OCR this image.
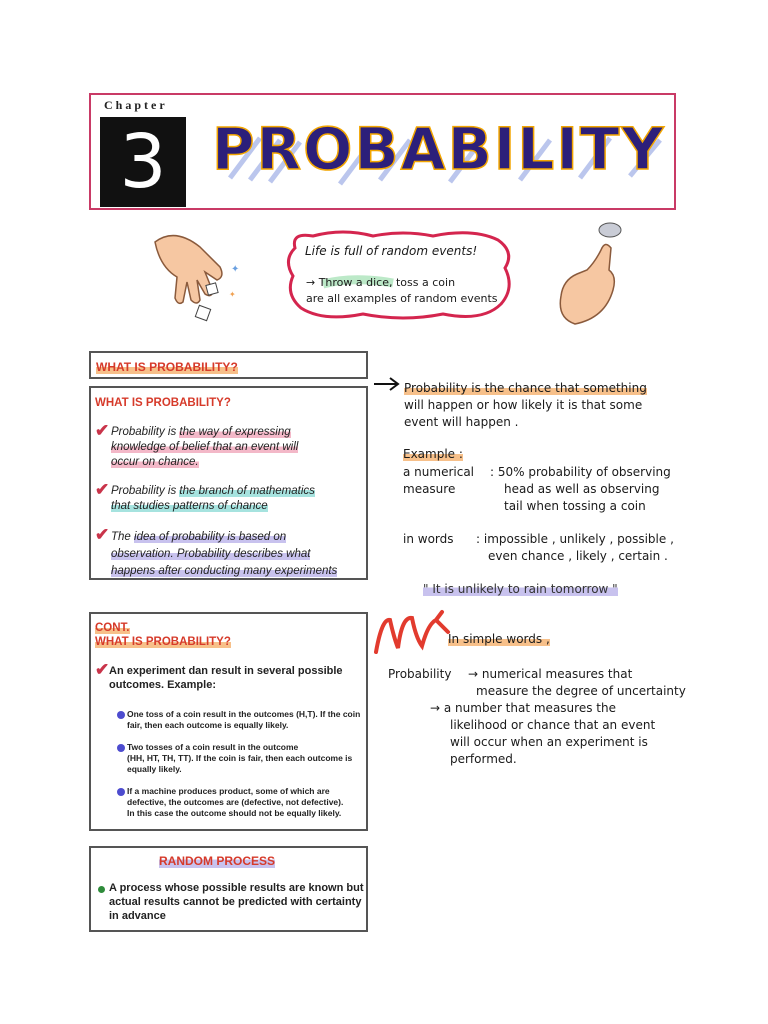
Chapter
3 PROBABILITY
✦
✦
Life is full of random events!
→ Throw a dice, toss a coin
are all examples of random events
WHAT IS PROBABILITY?
WHAT IS PROBABILITY?
✔ Probability is the way of expressing
knowledge of belief that an event will
occur on chance.
✔ Probability is the branch of mathematics
that studies patterns of chance
✔ The idea of probability is based on
observation. Probability describes what
happens after conducting many experiments
CONT.
WHAT IS PROBABILITY?
✔ An experiment dan result in several possible
outcomes. Example:
One toss of a coin result in the outcomes (H,T). If the coin
fair, then each outcome is equally likely.
Two tosses of a coin result in the outcome
(HH, HT, TH, TT). If the coin is fair, then each outcome is
equally likely.
If a machine produces product, some of which are
defective, the outcomes are (defective, not defective).
In this case the outcome should not be equally likely.
RANDOM PROCESS
A process whose possible results are known but
actual results cannot be predicted with certainty
in advance
Probability is the chance that something
will happen or how likely it is that some
event will happen .
Example :
a numerical
measure
: 50% probability of observing
head as well as observing
tail when tossing a coin
in words : impossible , unlikely , possible ,
even chance , likely , certain .
" It is unlikely to rain tomorrow "
In simple words ,
Probability → numerical measures that
measure the degree of uncertainty
→ a number that measures the
likelihood or chance that an event
will occur when an experiment is
performed.
